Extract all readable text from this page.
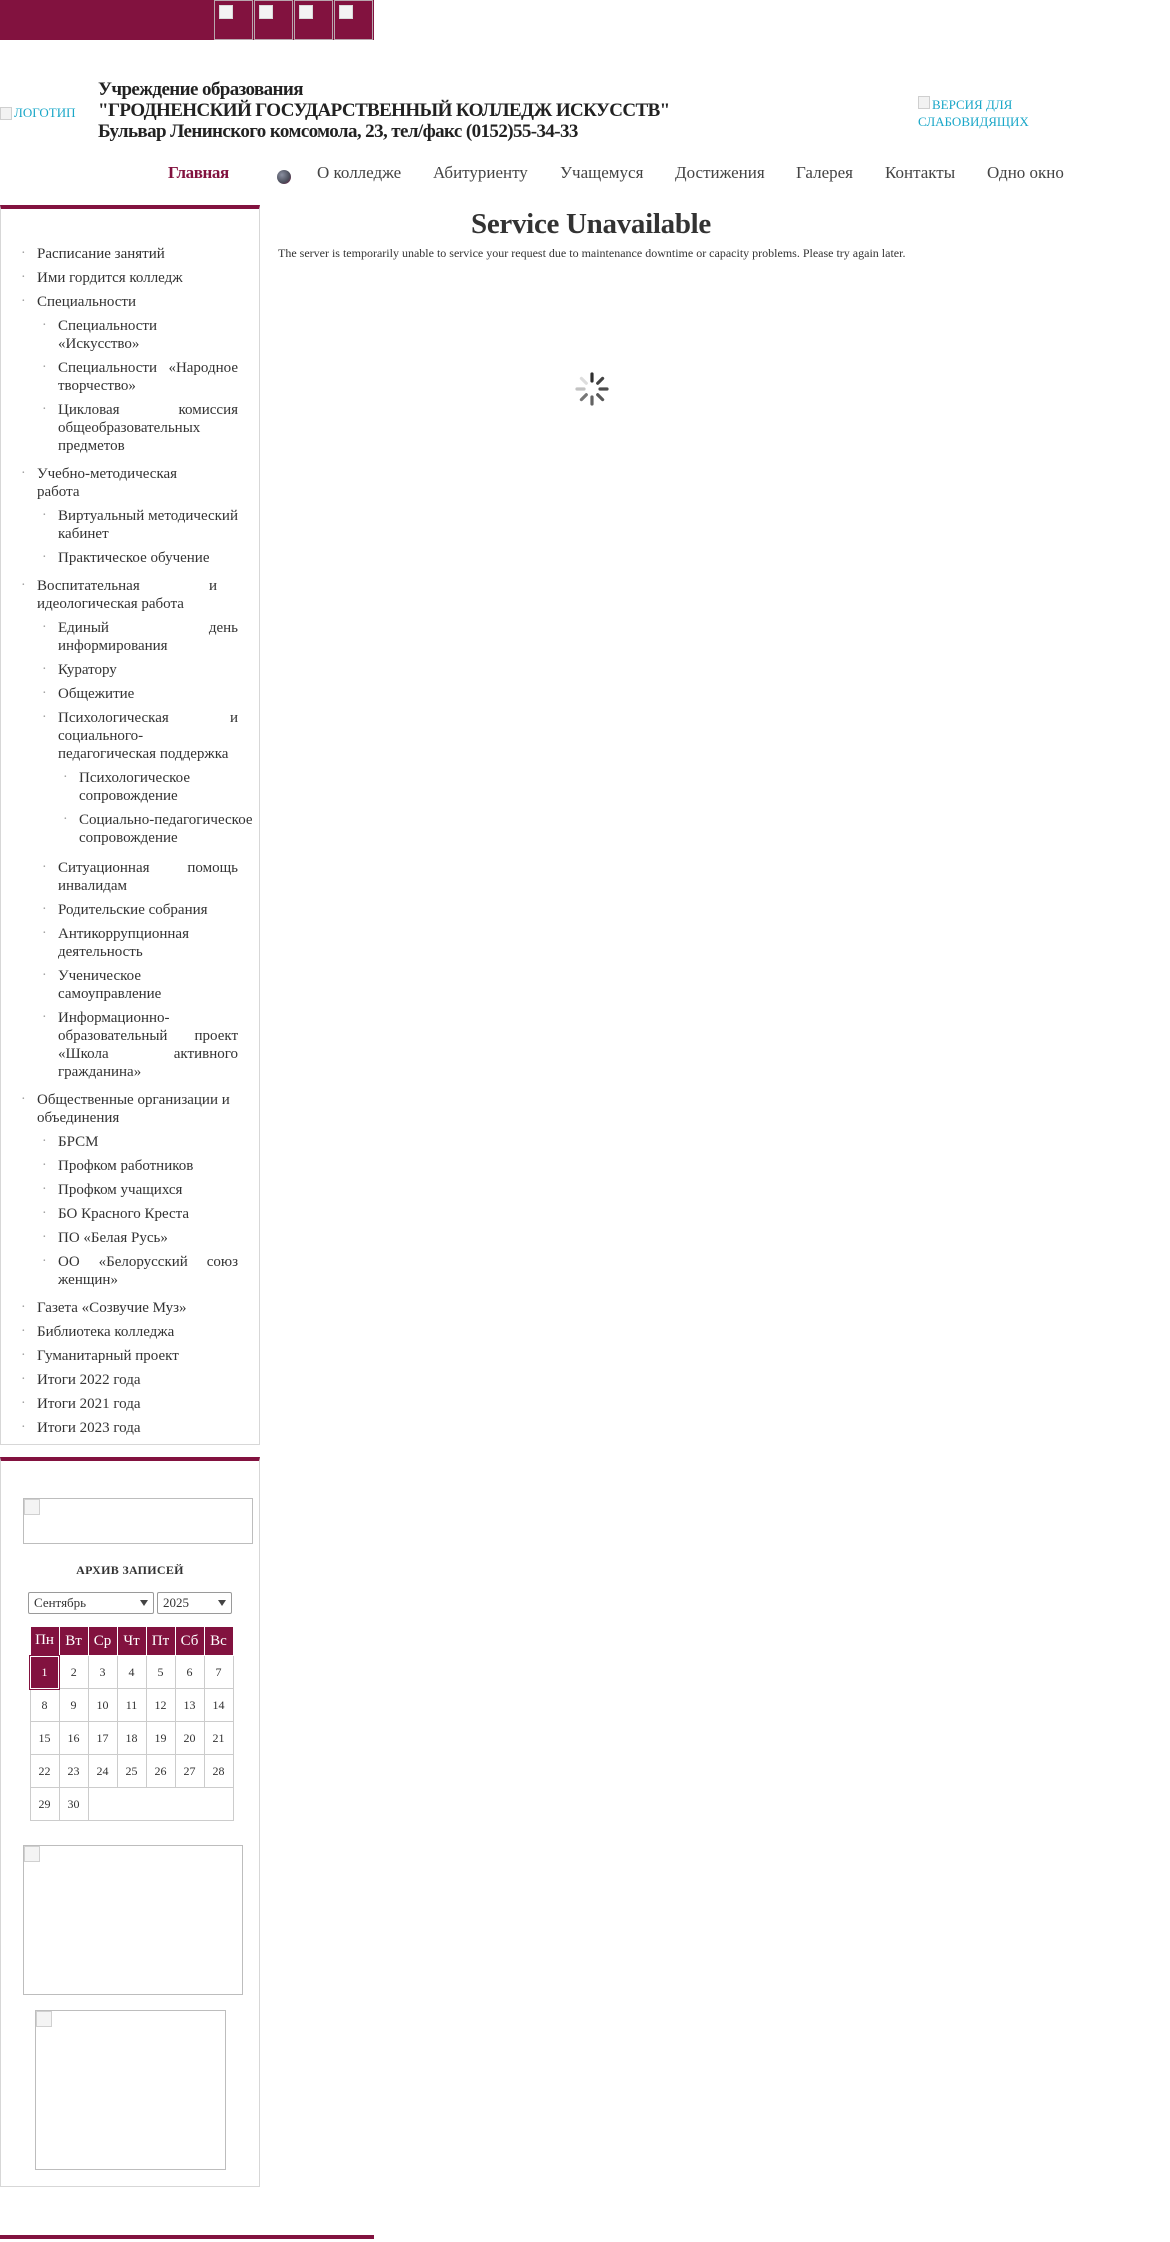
ЛОГОТИП
Учреждение образования
"ГРОДНЕНСКИЙ ГОСУДАРСТВЕННЫЙ КОЛЛЕДЖ ИСКУССТВ"
Бульвар Ленинского комсомола, 23, тел/факс (0152)55-34-33
ВЕРСИЯ ДЛЯ СЛАБОВИДЯЩИХ
Главная	О колледже Абитуриенту Учащемуся Достижения Галерея Контакты Одно окно
· Расписание занятий
· Ими гордится колледж
· Специальности
· Специальности «Искусство»
· Специальности «Народное творчество»
· Цикловая комиссия общеобразовательных предметов
· Учебно-методическая работа
· Виртуальный методический кабинет
· Практическое обучение
· Воспитательная и идеологическая работа
· Единый день информирования
· Куратору
· Общежитие
· Психологическая и социального-педагогическая поддержка
· Психологическое сопровождение
· Социально-педагогическое сопровождение
· Ситуационная помощь инвалидам
· Родительские собрания
· Антикоррупционная деятельность
· Ученическое самоуправление
· Информационно-образовательный проект «Школа активного гражданина»
· Общественные организации и объединения
· БРСМ
· Профком работников
· Профком учащихся
· БО Красного Креста
· ПО «Белая Русь»
· ОО «Белорусский союз женщин»
· Газета «Созвучие Муз»
· Библиотека колледжа
· Гуманитарный проект
· Итоги 2022 года
· Итоги 2021 года
· Итоги 2023 года
АРХИВ ЗАПИСЕЙ
Сентябрь	2025
Пн	Вт	Ср	Чт	Пт	Сб	Вс
1	2	3	4	5	6	7
8	9	10	11	12	13	14
15	16	17	18	19	20	21
22	23	24	25	26	27	28
29	30					
Service Unavailable

The server is temporarily unable to service your request due to maintenance downtime or capacity problems. Please try again later.
